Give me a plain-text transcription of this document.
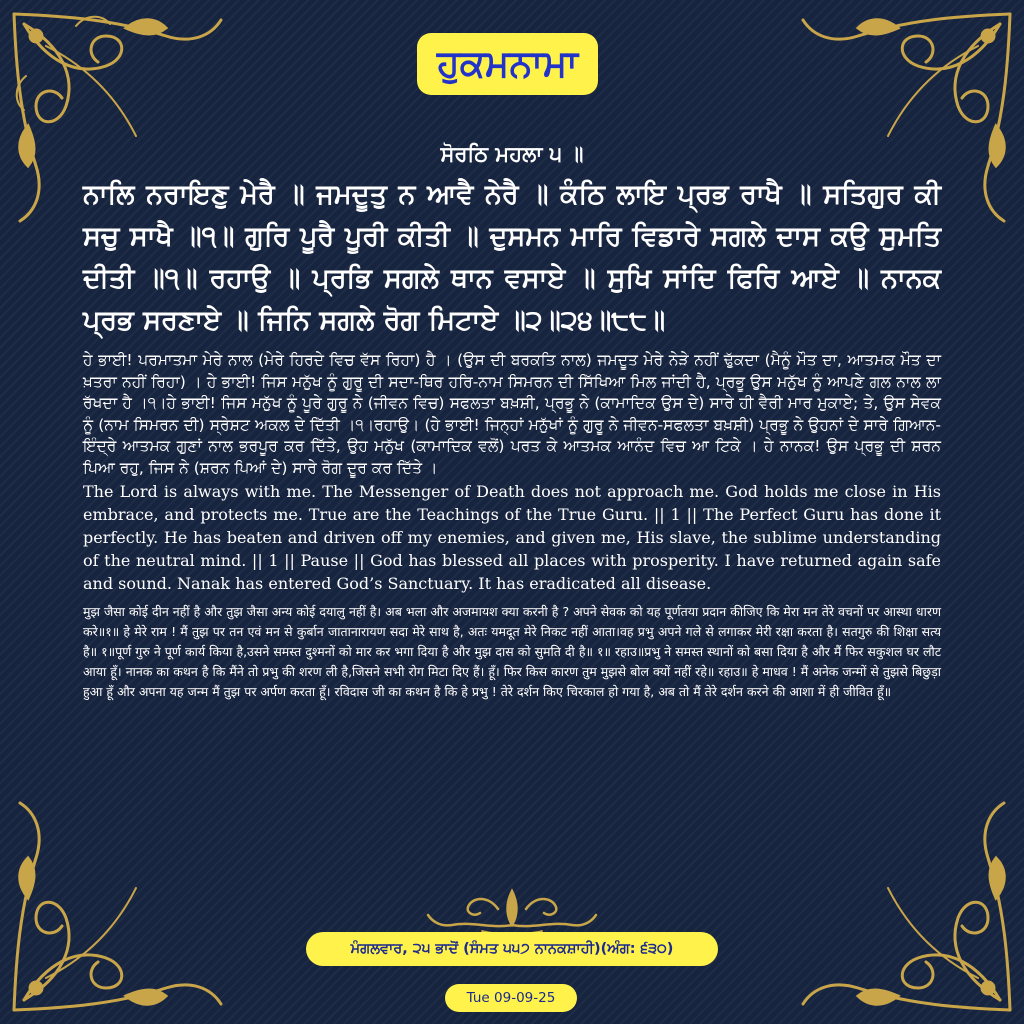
ਹੁਕਮਨਾਮਾ
ਸੋਰਠਿ ਮਹਲਾ ੫ ॥

ਨਾਲਿ ਨਰਾਇਣੁ ਮੇਰੈ ॥ ਜਮਦੂਤੁ ਨ ਆਵੈ ਨੇਰੈ ॥ ਕੰਠਿ ਲਾਇ ਪ੍ਰਭ ਰਾਖੈ ॥ ਸਤਿਗੁਰ ਕੀ ਸਚੁ ਸਾਖੈ ॥੧॥ ਗੁਰਿ ਪੂਰੈ ਪੂਰੀ ਕੀਤੀ ॥ ਦੁਸਮਨ ਮਾਰਿ ਵਿਡਾਰੇ ਸਗਲੇ ਦਾਸ ਕਉ ਸੁਮਤਿ ਦੀਤੀ ॥੧॥ ਰਹਾਉ ॥ ਪ੍ਰਭਿ ਸਗਲੇ ਥਾਨ ਵਸਾਏ ॥ ਸੁਖਿ ਸਾਂਦਿ ਫਿਰਿ ਆਏ ॥ ਨਾਨਕ ਪ੍ਰਭ ਸਰਣਾਏ ॥ ਜਿਨਿ ਸਗਲੇ ਰੋਗ ਮਿਟਾਏ ॥੨॥੨੪॥੮੮॥

ਹੇ ਭਾਈ! ਪਰਮਾਤਮਾ ਮੇਰੇ ਨਾਲ (ਮੇਰੇ ਹਿਰਦੇ ਵਿਚ ਵੱਸ ਰਿਹਾ) ਹੈ । (ਉਸ ਦੀ ਬਰਕਤਿ ਨਾਲ) ਜਮਦੂਤ ਮੇਰੇ ਨੇੜੇ ਨਹੀਂ ਢੁੱਕਦਾ (ਮੈਨੂੰ ਮੌਤ ਦਾ, ਆਤਮਕ ਮੌਤ ਦਾ ਖ਼ਤਰਾ ਨਹੀਂ ਰਿਹਾ) । ਹੇ ਭਾਈ! ਜਿਸ ਮਨੁੱਖ ਨੂੰ ਗੁਰੂ ਦੀ ਸਦਾ-ਥਿਰ ਹਰਿ-ਨਾਮ ਸਿਮਰਨ ਦੀ ਸਿੱਖਿਆ ਮਿਲ ਜਾਂਦੀ ਹੈ, ਪ੍ਰਭੂ ਉਸ ਮਨੁੱਖ ਨੂੰ ਆਪਣੇ ਗਲ ਨਾਲ ਲਾ ਰੱਖਦਾ ਹੈ ।੧।ਹੇ ਭਾਈ! ਜਿਸ ਮਨੁੱਖ ਨੂੰ ਪੂਰੇ ਗੁਰੂ ਨੇ (ਜੀਵਨ ਵਿਚ) ਸਫਲਤਾ ਬਖ਼ਸ਼ੀ, ਪ੍ਰਭੂ ਨੇ (ਕਾਮਾਦਿਕ ਉਸ ਦੇ) ਸਾਰੇ ਹੀ ਵੈਰੀ ਮਾਰ ਮੁਕਾਏ; ਤੇ, ਉਸ ਸੇਵਕ ਨੂੰ (ਨਾਮ ਸਿਮਰਨ ਦੀ) ਸ੍ਰੇਸ਼ਟ ਅਕਲ ਦੇ ਦਿੱਤੀ ।੧।ਰਹਾਉ। (ਹੇ ਭਾਈ! ਜਿਨ੍ਹਾਂ ਮਨੁੱਖਾਂ ਨੂੰ ਗੁਰੂ ਨੇ ਜੀਵਨ-ਸਫਲਤਾ ਬਖ਼ਸ਼ੀ) ਪ੍ਰਭੂ ਨੇ ਉਹਨਾਂ ਦੇ ਸਾਰੇ ਗਿਆਨ-ਇੰਦ੍ਰੇ ਆਤਮਕ ਗੁਣਾਂ ਨਾਲ ਭਰਪੂਰ ਕਰ ਦਿੱਤੇ, ਉਹ ਮਨੁੱਖ (ਕਾਮਾਦਿਕ ਵਲੋਂ) ਪਰਤ ਕੇ ਆਤਮਕ ਆਨੰਦ ਵਿਚ ਆ ਟਿਕੇ । ਹੇ ਨਾਨਕ! ਉਸ ਪ੍ਰਭੂ ਦੀ ਸ਼ਰਨ ਪਿਆ ਰਹੁ, ਜਿਸ ਨੇ (ਸ਼ਰਨ ਪਿਆਂ ਦੇ) ਸਾਰੇ ਰੋਗ ਦੂਰ ਕਰ ਦਿੱਤੇ ।

The Lord is always with me. The Messenger of Death does not approach me. God holds me close in His embrace, and protects me. True are the Teachings of the True Guru. || 1 || The Perfect Guru has done it perfectly. He has beaten and driven off my enemies, and given me, His slave, the sublime understanding of the neutral mind. || 1 || Pause || God has blessed all places with prosperity. I have returned again safe and sound. Nanak has entered God’s Sanctuary. It has eradicated all disease.

मुझ जैसा कोई दीन नहीं है और तुझ जैसा अन्य कोई दयालु नहीं है। अब भला और अजमायश क्या करनी है ? अपने सेवक को यह पूर्णतया प्रदान कीजिए कि मेरा मन तेरे वचनों पर आस्था धारण करे॥१॥ हे मेरे राम ! मैं तुझ पर तन एवं मन से कुर्बान जातानारायण सदा मेरे साथ है, अतः यमदूत मेरे निकट नहीं आता।वह प्रभु अपने गले से लगाकर मेरी रक्षा करता है। सतगुरु की शिक्षा सत्य है॥ १॥पूर्ण गुरु ने पूर्ण कार्य किया है,उसने समस्त दुश्मनों को मार कर भगा दिया है और मुझ दास को सुमति दी है॥ १॥ रहाउ॥प्रभु ने समस्त स्थानों को बसा दिया है और मैं फिर सकुशल घर लौट आया हूँ। नानक का कथन है कि मैंने तो प्रभु की शरण ली है,जिसने सभी रोग मिटा दिए हैं। हूँ। फिर किस कारण तुम मुझसे बोल क्यों नहीं रहे॥ रहाउ॥ हे माधव ! मैं अनेक जन्मों से तुझसे बिछुड़ा हुआ हूँ और अपना यह जन्म मैं तुझ पर अर्पण करता हूँ। रविदास जी का कथन है कि हे प्रभु ! तेरे दर्शन किए चिरकाल हो गया है, अब तो मैं तेरे दर्शन करने की आशा में ही जीवित हूँ॥

ਮੰਗਲਵਾਰ, ੨੫ ਭਾਦੋਂ (ਸੰਮਤ ੫੫੭ ਨਾਨਕਸ਼ਾਹੀ)(ਅੰਗ: ੬੩੦)
Tue 09-09-25
